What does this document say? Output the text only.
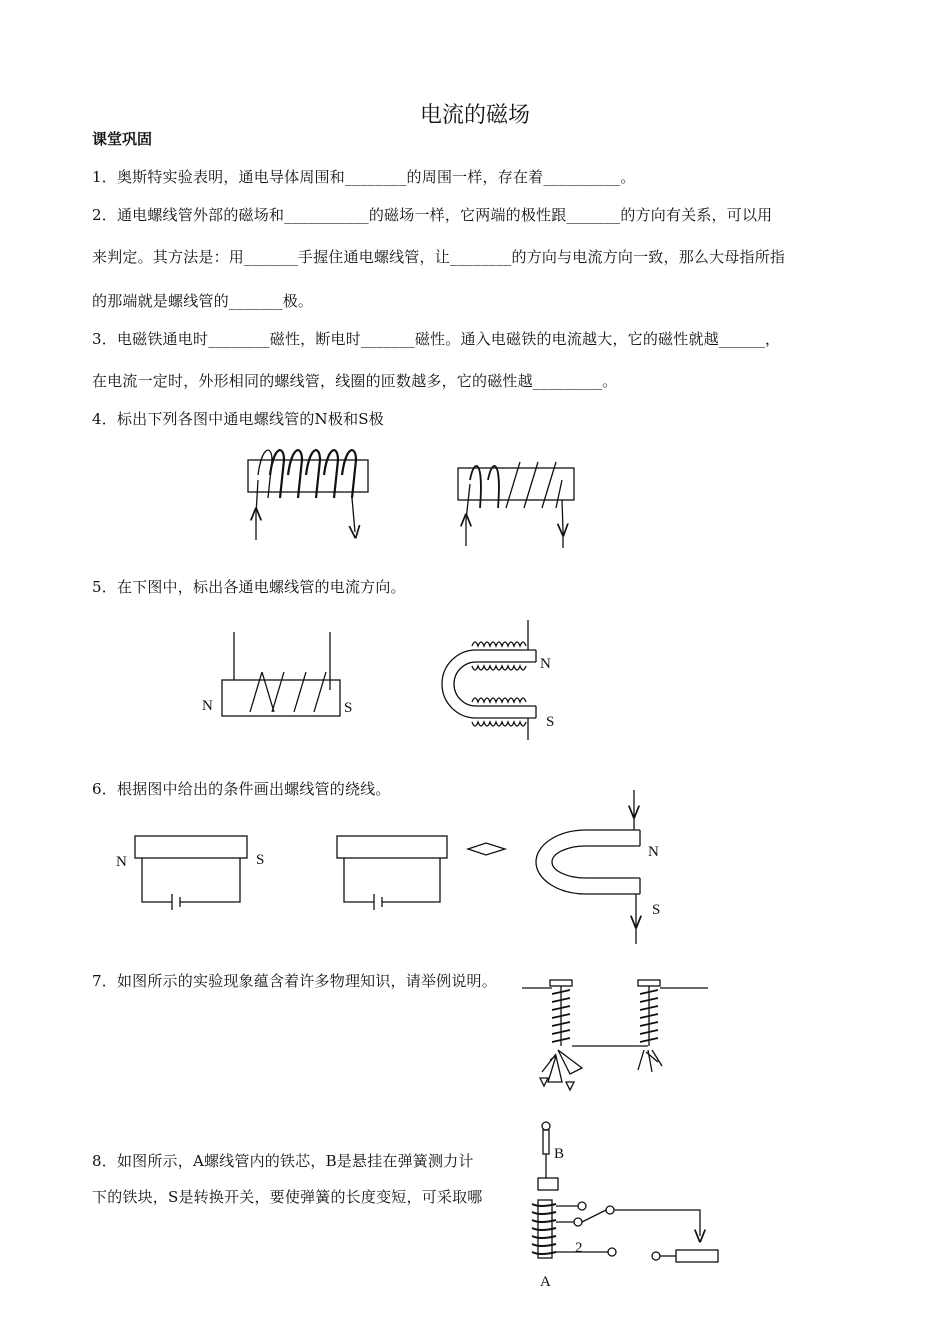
电流的磁场
课堂巩固
1．奥斯特实验表明，通电导体周围和________的周围一样，存在着__________。
2．通电螺线管外部的磁场和___________的磁场一样，它两端的极性跟_______的方向有关系，可以用
来判定。其方法是：用_______手握住通电螺线管，让________的方向与电流方向一致，那么大母指所指
的那端就是螺线管的_______极。
3．电磁铁通电时________磁性，断电时_______磁性。通入电磁铁的电流越大，它的磁性就越______，
在电流一定时，外形相同的螺线管，线圈的匝数越多，它的磁性越_________。
4．标出下列各图中通电螺线管的N极和S极
5．在下图中，标出各通电螺线管的电流方向。
6．根据图中给出的条件画出螺线管的绕线。
7．如图所示的实验现象蕴含着许多物理知识，请举例说明。
8．如图所示，A螺线管内的铁芯，B是悬挂在弹簧测力计
下的铁块，S是转换开关，要使弹簧的长度变短，可采取哪
N	S
N
S
N	S	N
S
B
2
A
